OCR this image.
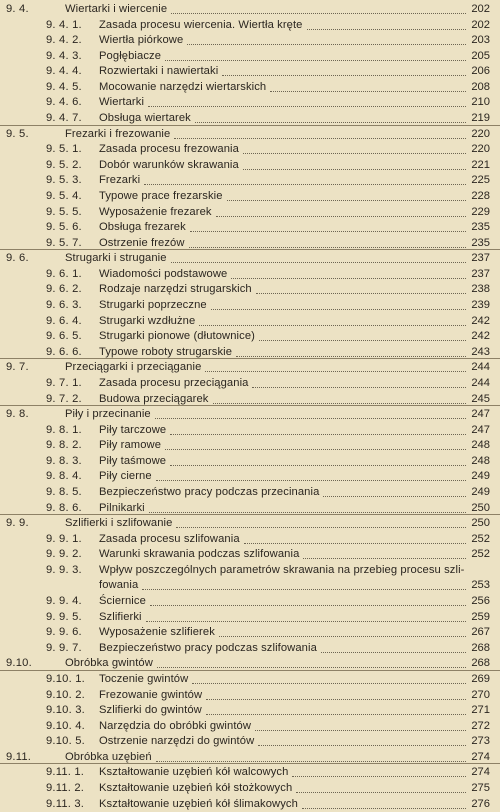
9. 4.	Wiertarki i wiercenie	202
9. 4. 1. Zasada procesu wiercenia. Wiertła kręte	202
9. 4. 2. Wiertła piórkowe	203
9. 4. 3. Pogłębiacze	205
9. 4. 4. Rozwiertaki i nawiertaki	206
9. 4. 5. Mocowanie narzędzi wiertarskich	208
9. 4. 6. Wiertarki	210
9. 4. 7. Obsługa wiertarek	219
9. 5.	Frezarki i frezowanie	220
9. 5. 1. Zasada procesu frezowania	220
9. 5. 2. Dobór warunków skrawania	221
9. 5. 3. Frezarki	225
9. 5. 4. Typowe prace frezarskie	228
9. 5. 5. Wyposażenie frezarek	229
9. 5. 6. Obsługa frezarek	235
9. 5. 7. Ostrzenie frezów	235
9. 6.	Strugarki i struganie	237
9. 6. 1. Wiadomości podstawowe	237
9. 6. 2. Rodzaje narzędzi strugarskich	238
9. 6. 3. Strugarki poprzeczne	239
9. 6. 4. Strugarki wzdłużne	242
9. 6. 5. Strugarki pionowe (dłutownice)	242
9. 6. 6. Typowe roboty strugarskie	243
9. 7.	Przeciągarki i przeciąganie	244
9. 7. 1. Zasada procesu przeciągania	244
9. 7. 2. Budowa przeciągarek	245
9. 8.	Piły i przecinanie	247
9. 8. 1. Piły tarczowe	247
9. 8. 2. Piły ramowe	248
9. 8. 3. Piły taśmowe	248
9. 8. 4. Piły cierne	249
9. 8. 5. Bezpieczeństwo pracy podczas przecinania	249
9. 8. 6. Pilnikarki	250
9. 9.	Szlifierki i szlifowanie	250
9. 9. 1. Zasada procesu szlifowania	252
9. 9. 2. Warunki skrawania podczas szlifowania	252
9. 9. 3. Wpływ poszczególnych parametrów skrawania na przebieg procesu szli-
fowania	253
9. 9. 4. Ściernice	256
9. 9. 5. Szlifierki	259
9. 9. 6. Wyposażenie szlifierek	267
9. 9. 7. Bezpieczeństwo pracy podczas szlifowania	268
9.10.	Obróbka gwintów	268
9.10. 1. Toczenie gwintów	269
9.10. 2. Frezowanie gwintów	270
9.10. 3. Szlifierki do gwintów	271
9.10. 4. Narzędzia do obróbki gwintów	272
9.10. 5. Ostrzenie narzędzi do gwintów	273
9.11.	Obróbka uzębień	274
9.11. 1. Kształtowanie uzębień kół walcowych	274
9.11. 2. Kształtowanie uzębień kół stożkowych	275
9.11. 3. Kształtowanie uzębień kół ślimakowych	276
